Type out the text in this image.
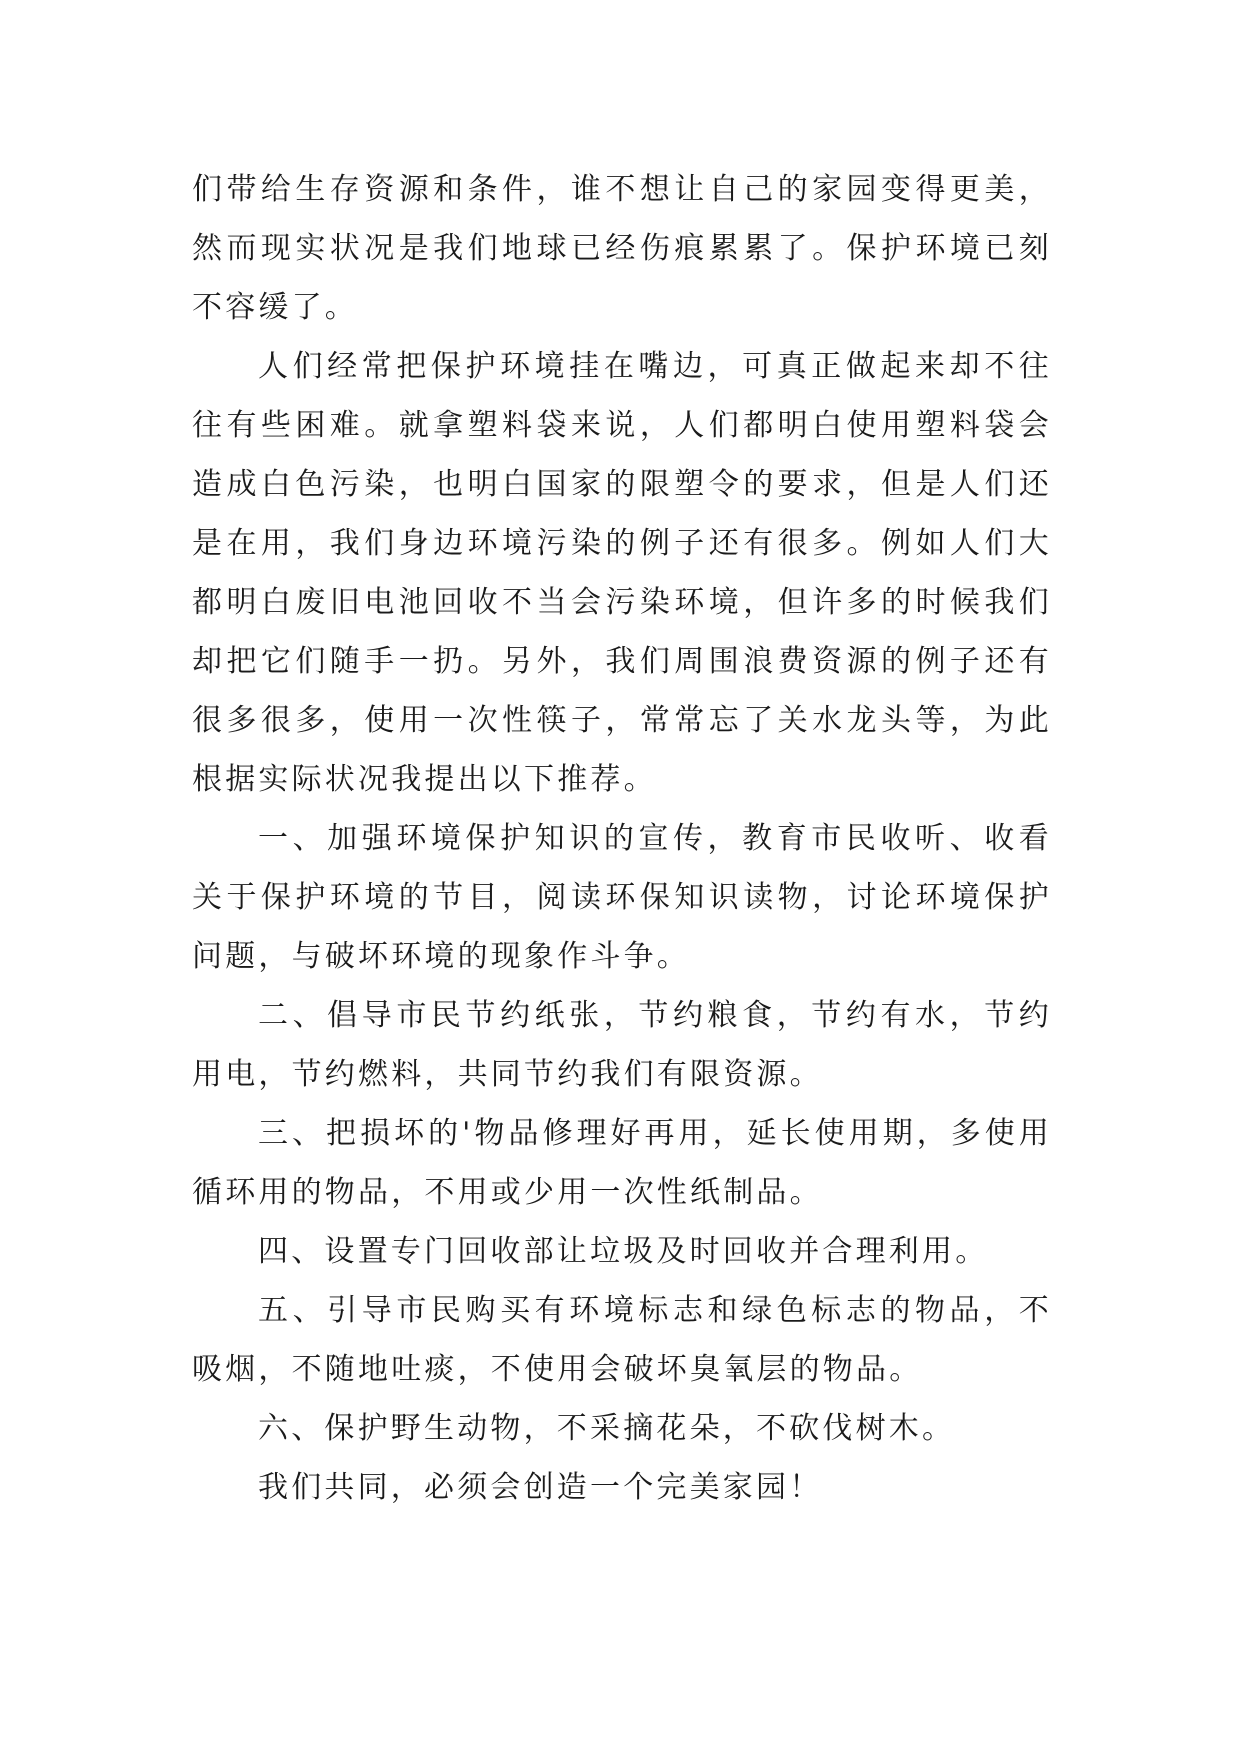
们带给生存资源和条件，谁不想让自己的家园变得更美，然而现实状况是我们地球已经伤痕累累了。保护环境已刻不容缓了。

人们经常把保护环境挂在嘴边，可真正做起来却不往往有些困难。就拿塑料袋来说，人们都明白使用塑料袋会造成白色污染，也明白国家的限塑令的要求，但是人们还是在用，我们身边环境污染的例子还有很多。例如人们大都明白废旧电池回收不当会污染环境，但许多的时候我们却把它们随手一扔。另外，我们周围浪费资源的例子还有很多很多，使用一次性筷子，常常忘了关水龙头等，为此根据实际状况我提出以下推荐。

一、加强环境保护知识的宣传，教育市民收听、收看关于保护环境的节目，阅读环保知识读物，讨论环境保护问题，与破坏环境的现象作斗争。

二、倡导市民节约纸张，节约粮食，节约有水，节约用电，节约燃料，共同节约我们有限资源。

三、把损坏的'物品修理好再用，延长使用期，多使用循环用的物品，不用或少用一次性纸制品。

四、设置专门回收部让垃圾及时回收并合理利用。

五、引导市民购买有环境标志和绿色标志的物品，不吸烟，不随地吐痰，不使用会破坏臭氧层的物品。

六、保护野生动物，不采摘花朵，不砍伐树木。

我们共同，必须会创造一个完美家园！
